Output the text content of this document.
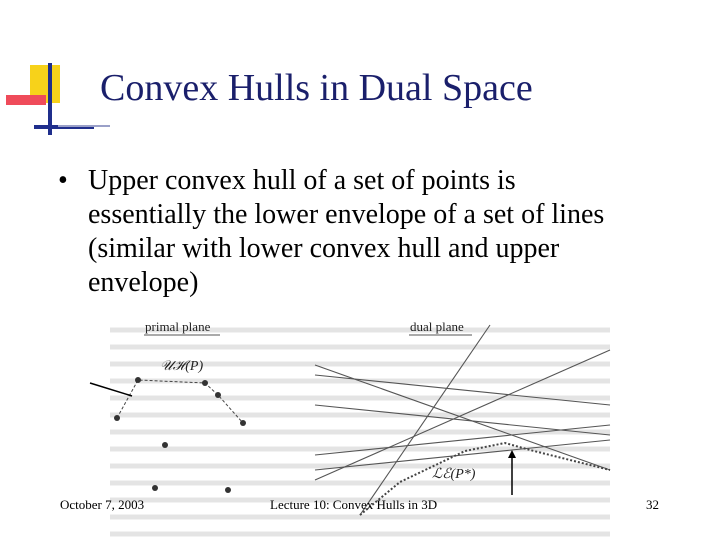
Convex Hulls in Dual Space
• Upper convex hull of a set of points is essentially the lower envelope of a set of lines (similar with lower convex hull and upper envelope)
primal plane
𝒰ℋ(P)
dual plane
ℒℰ(P*)
October 7, 2003	Lecture 10: Convex Hulls in 3D	32
